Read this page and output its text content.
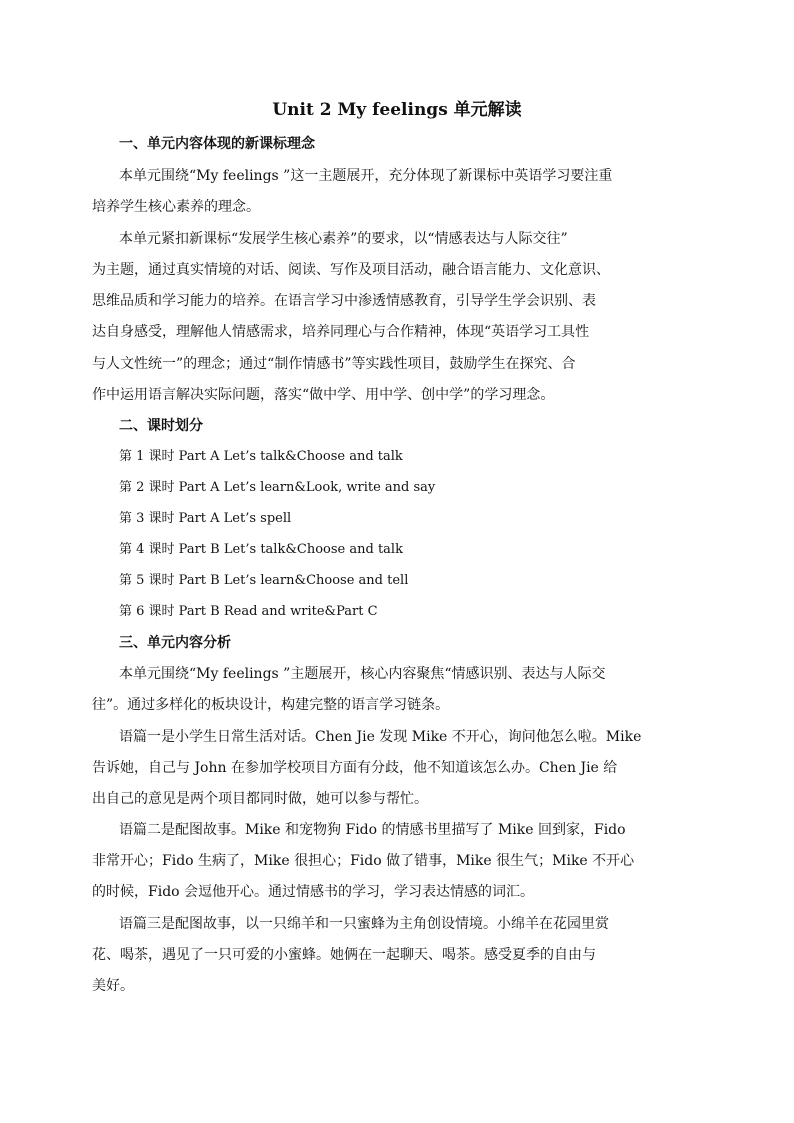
Unit 2 My feelings 单元解读
一、单元内容体现的新课标理念
本单元围绕“My feelings ”这一主题展开，充分体现了新课标中英语学习要注重
培养学生核心素养的理念。
本单元紧扣新课标“发展学生核心素养”的要求，以“情感表达与人际交往”
为主题，通过真实情境的对话、阅读、写作及项目活动，融合语言能力、文化意识、
思维品质和学习能力的培养。在语言学习中渗透情感教育，引导学生学会识别、表
达自身感受，理解他人情感需求，培养同理心与合作精神，体现“英语学习工具性
与人文性统一”的理念；通过“制作情感书”等实践性项目，鼓励学生在探究、合
作中运用语言解决实际问题，落实“做中学、用中学、创中学”的学习理念。
二、课时划分
第 1 课时 Part A Let’s talk&Choose and talk
第 2 课时 Part A Let’s learn&Look, write and say
第 3 课时 Part A Let’s spell
第 4 课时 Part B Let’s talk&Choose and talk
第 5 课时 Part B Let’s learn&Choose and tell
第 6 课时 Part B Read and write&Part C
三、单元内容分析
本单元围绕“My feelings ”主题展开，核心内容聚焦“情感识别、表达与人际交
往”。通过多样化的板块设计，构建完整的语言学习链条。
语篇一是小学生日常生活对话。Chen Jie 发现 Mike 不开心，询问他怎么啦。Mike
告诉她，自己与 John 在参加学校项目方面有分歧，他不知道该怎么办。Chen Jie 给
出自己的意见是两个项目都同时做，她可以参与帮忙。
语篇二是配图故事。Mike 和宠物狗 Fido 的情感书里描写了 Mike 回到家，Fido
非常开心；Fido 生病了，Mike 很担心；Fido 做了错事，Mike 很生气；Mike 不开心
的时候，Fido 会逗他开心。通过情感书的学习，学习表达情感的词汇。
语篇三是配图故事，以一只绵羊和一只蜜蜂为主角创设情境。小绵羊在花园里赏
花、喝茶，遇见了一只可爱的小蜜蜂。她俩在一起聊天、喝茶。感受夏季的自由与
美好。
